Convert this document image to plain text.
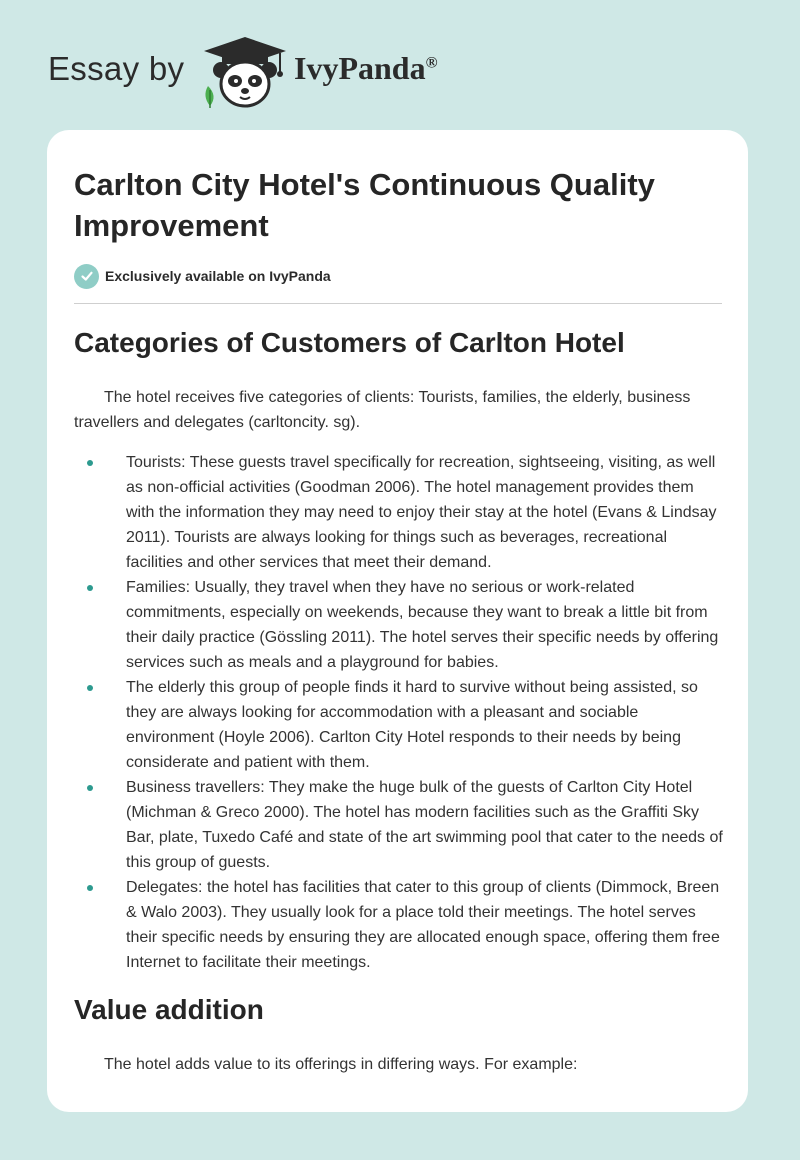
Essay by	IvyPanda®
Carlton City Hotel's Continuous Quality Improvement
Exclusively available on IvyPanda
Categories of Customers of Carlton Hotel

The hotel receives five categories of clients: Tourists, families, the elderly, business travellers and delegates (carltoncity. sg).

Tourists: These guests travel specifically for recreation, sightseeing, visiting, as well as non-official activities (Goodman 2006). The hotel management provides them with the information they may need to enjoy their stay at the hotel (Evans & Lindsay 2011). Tourists are always looking for things such as beverages, recreational facilities and other services that meet their demand.
Families: Usually, they travel when they have no serious or work-related commitments, especially on weekends, because they want to break a little bit from their daily practice (Gössling 2011). The hotel serves their specific needs by offering services such as meals and a playground for babies.
The elderly this group of people finds it hard to survive without being assisted, so they are always looking for accommodation with a pleasant and sociable environment (Hoyle 2006). Carlton City Hotel responds to their needs by being considerate and patient with them.
Business travellers: They make the huge bulk of the guests of Carlton City Hotel (Michman & Greco 2000). The hotel has modern facilities such as the Graffiti Sky Bar, plate, Tuxedo Café and state of the art swimming pool that cater to the needs of this group of guests.
Delegates: the hotel has facilities that cater to this group of clients (Dimmock, Breen & Walo 2003). They usually look for a place told their meetings. The hotel serves their specific needs by ensuring they are allocated enough space, offering them free Internet to facilitate their meetings.
Value addition

The hotel adds value to its offerings in differing ways. For example:
